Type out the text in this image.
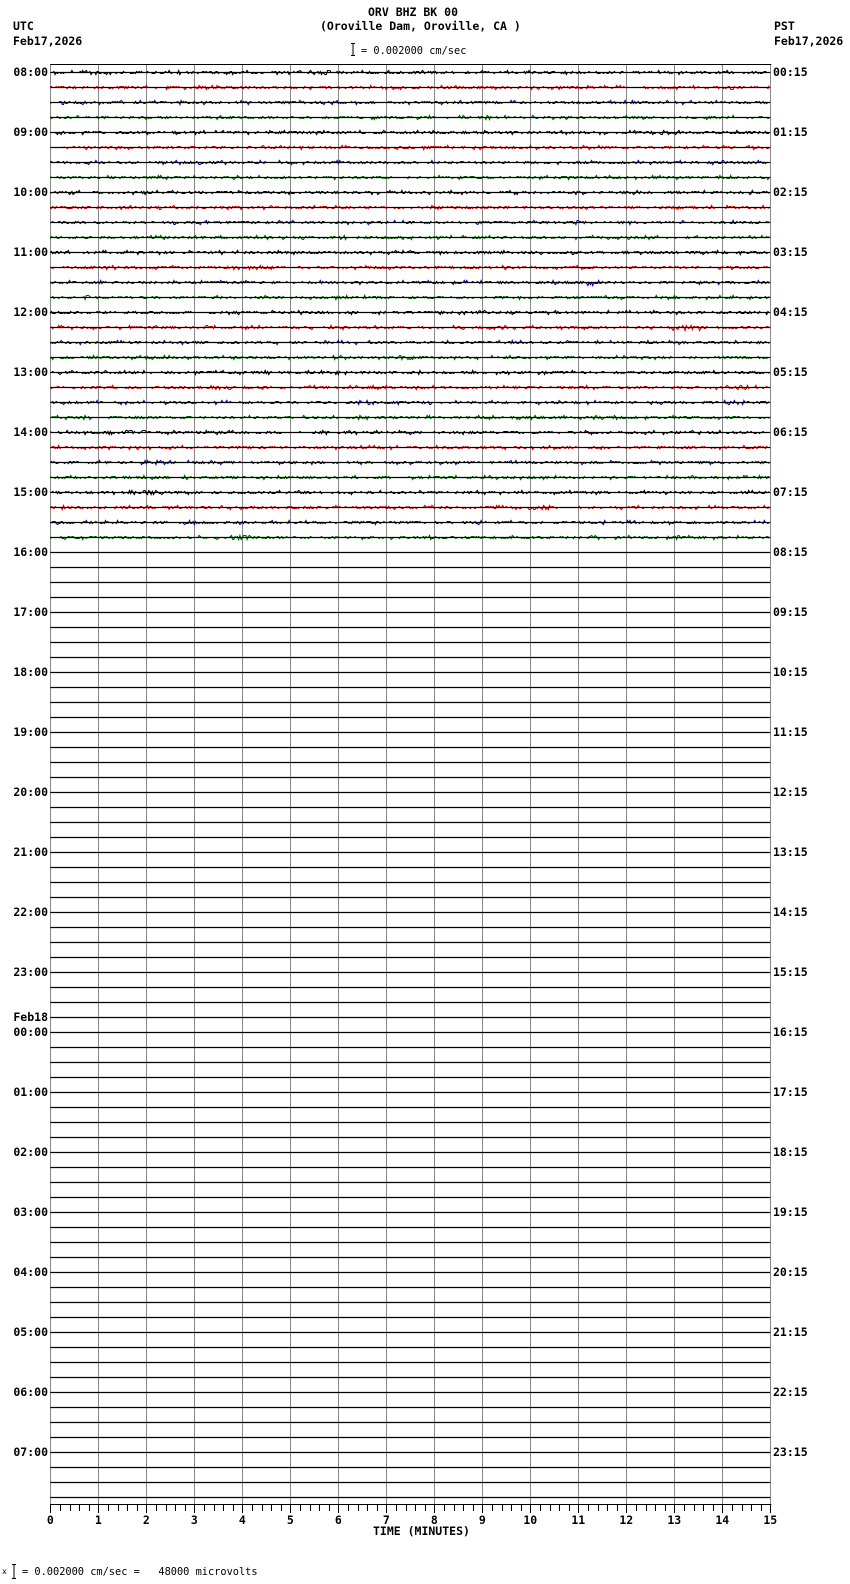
ORV BHZ BK 00
(Oroville Dam, Oroville, CA )
UTC
Feb17,2026
PST
Feb17,2026
= 0.002000 cm/sec
TIME (MINUTES)
x = 0.002000 cm/sec =   48000 microvolts
08:00
09:00
10:00
11:00
12:00
13:00
14:00
15:00
16:00
17:00
18:00
19:00
20:00
21:00
22:00
23:00
Feb18
00:00
01:00
02:00
03:00
04:00
05:00
06:00
07:00
00:15
01:15
02:15
03:15
04:15
05:15
06:15
07:15
08:15
09:15
10:15
11:15
12:15
13:15
14:15
15:15
16:15
17:15
18:15
19:15
20:15
21:15
22:15
23:15
0	1	2	3	4	5	6	7	8	9	10	11	12	13	14	15
